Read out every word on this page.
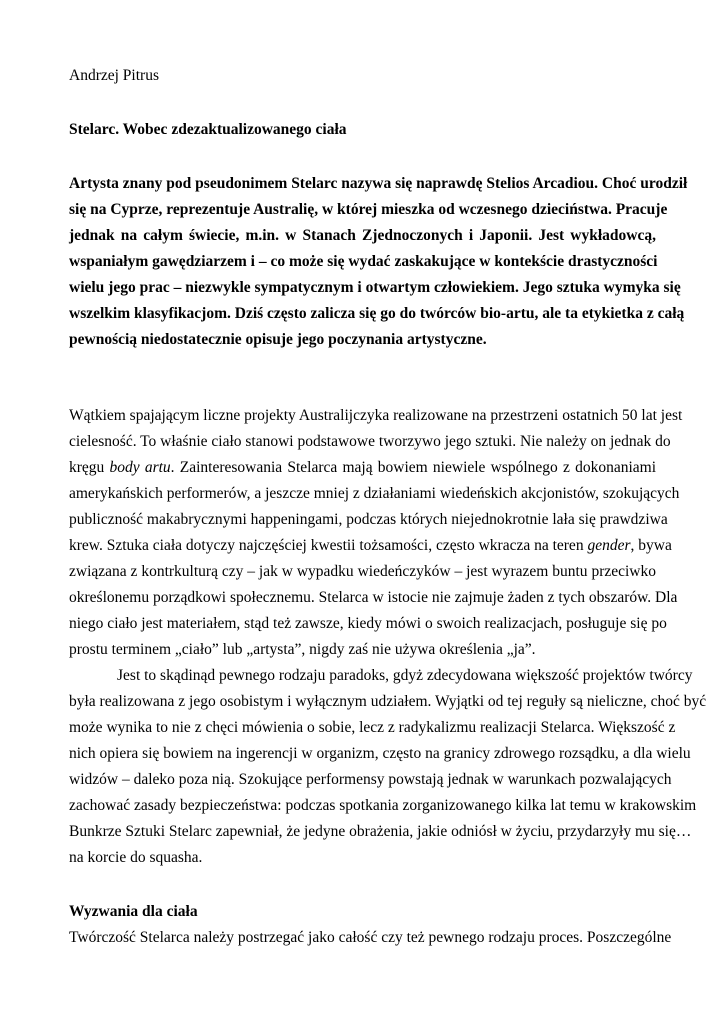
Andrzej Pitrus
Stelarc. Wobec zdezaktualizowanego ciała
Artysta znany pod pseudonimem Stelarc nazywa się naprawdę Stelios Arcadiou. Choć urodził
się na Cyprze, reprezentuje Australię, w której mieszka od wczesnego dzieciństwa. Pracuje
jednak na całym świecie, m.in. w Stanach Zjednoczonych i Japonii. Jest wykładowcą,
wspaniałym gawędziarzem i – co może się wydać zaskakujące w kontekście drastyczności
wielu jego prac – niezwykle sympatycznym i otwartym człowiekiem. Jego sztuka wymyka się
wszelkim klasyfikacjom. Dziś często zalicza się go do twórców bio-artu, ale ta etykietka z całą
pewnością niedostatecznie opisuje jego poczynania artystyczne.
Wątkiem spajającym liczne projekty Australijczyka realizowane na przestrzeni ostatnich 50 lat jest
cielesność. To właśnie ciało stanowi podstawowe tworzywo jego sztuki. Nie należy on jednak do
kręgu body artu. Zainteresowania Stelarca mają bowiem niewiele wspólnego z dokonaniami
amerykańskich performerów, a jeszcze mniej z działaniami wiedeńskich akcjonistów, szokujących
publiczność makabrycznymi happeningami, podczas których niejednokrotnie lała się prawdziwa
krew. Sztuka ciała dotyczy najczęściej kwestii tożsamości, często wkracza na teren gender, bywa
związana z kontrkulturą czy – jak w wypadku wiedeńczyków – jest wyrazem buntu przeciwko
określonemu porządkowi społecznemu. Stelarca w istocie nie zajmuje żaden z tych obszarów. Dla
niego ciało jest materiałem, stąd też zawsze, kiedy mówi o swoich realizacjach, posługuje się po
prostu terminem „ciało” lub „artysta”, nigdy zaś nie używa określenia „ja”.
Jest to skądinąd pewnego rodzaju paradoks, gdyż zdecydowana większość projektów twórcy
była realizowana z jego osobistym i wyłącznym udziałem. Wyjątki od tej reguły są nieliczne, choć być
może wynika to nie z chęci mówienia o sobie, lecz z radykalizmu realizacji Stelarca. Większość z
nich opiera się bowiem na ingerencji w organizm, często na granicy zdrowego rozsądku, a dla wielu
widzów – daleko poza nią. Szokujące performensy powstają jednak w warunkach pozwalających
zachować zasady bezpieczeństwa: podczas spotkania zorganizowanego kilka lat temu w krakowskim
Bunkrze Sztuki Stelarc zapewniał, że jedyne obrażenia, jakie odniósł w życiu, przydarzyły mu się…
na korcie do squasha.
Wyzwania dla ciała
Twórczość Stelarca należy postrzegać jako całość czy też pewnego rodzaju proces. Poszczególne
